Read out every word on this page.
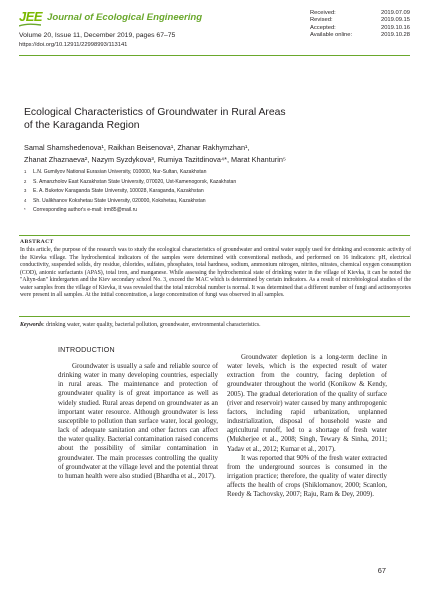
JEE Journal of Ecological Engineering
Volume 20, Issue 11, December 2019, pages 67–75
https://doi.org/10.12911/22998993/113141
Received:	2019.07.09
Revised:	2019.09.15
Accepted:	2019.10.16
Available online:	2019.10.28
Ecological Characteristics of Groundwater in Rural Areas
of the Karaganda Region
Samal Shamshedenova¹, Raikhan Beisenova¹, Zhanar Rakhymzhan¹,
Zhanat Zhaznaeva², Nazym Syzdykova³, Rumiya Tazitdinova⁴*, Marat Khanturin⁵
1 L.N. Gumilyov National Eurasian University, 010000, Nur-Sultan, Kazakhstan
2 S. Amanzholov East Kazakhstan State University, 070020, Ust-Kamenogorsk, Kazakhstan
3 E. A. Buketov Karaganda State University, 100028, Karaganda, Kazakhstan
4 Sh. Ualikhanov Kokshetau State University, 020000, Kokshetau, Kazakhstan
* Corresponding author's e-mail: irm85@mail.ru
ABSTRACT
In this article, the purpose of the research was to study the ecological characteristics of groundwater and central water supply used for drinking and economic activity of the Kievka village. The hydrochemical indicators of the samples were determined with conventional methods, and performed on 16 indicators: pH, electrical conductivity, suspended solids, dry residue, chlorides, sulfates, phosphates, total hardness, sodium, ammonium nitrogen, nitrites, nitrates, chemical oxygen consumption (COD), anionic surfactants (APAS), total iron, and manganese. While assessing the hydrochemical state of drinking water in the village of Kievka, it can be noted the "Altyn-dan" kindergarten and the Kiev secondary school No. 3, exceed the MAC which is determined by certain indicators. As a result of microbiological studies of the water samples from the village of Kievka, it was revealed that the total microbial number is normal. It was determined that a different number of fungi and actinomycetes were present in all samples. At the initial concentration, a large concentration of fungi was observed in all samples.
Keywords: drinking water, water quality, bacterial pollution, groundwater, environmental characteristics.
INTRODUCTION

Groundwater is usually a safe and reliable source of drinking water in many developing countries, especially in rural areas. The maintenance and protection of groundwater quality is of great importance as well as widely studied. Rural areas depend on groundwater as an important water resource. Although groundwater is less susceptible to pollution than surface water, local geology, lack of adequate sanitation and other factors can affect the water quality. Bacterial contamination raised concerns about the possibility of similar contamination in groundwater. The main processes controlling the quality of groundwater at the village level and the potential threat to human health were also studied (Bhardha et al., 2017).

Groundwater depletion is a long-term decline in water levels, which is the expected result of water extraction from the country, facing depletion of groundwater throughout the world (Konikow & Kendy, 2005). The gradual deterioration of the quality of surface (river and reservoir) water caused by many anthropogenic factors, including rapid urbanization, unplanned industrialization, disposal of household waste and agricultural runoff, led to a shortage of fresh water (Mukherjee et al., 2008; Singh, Tewary & Sinha, 2011; Yadav et al., 2012; Kumar et al., 2017).

It was reported that 90% of the fresh water extracted from the underground sources is consumed in the irrigation practice; therefore, the quality of water directly affects the health of crops (Shiklomanov, 2000; Scanlon, Reedy & Tachovsky, 2007; Raju, Ram & Dey, 2009).

67
